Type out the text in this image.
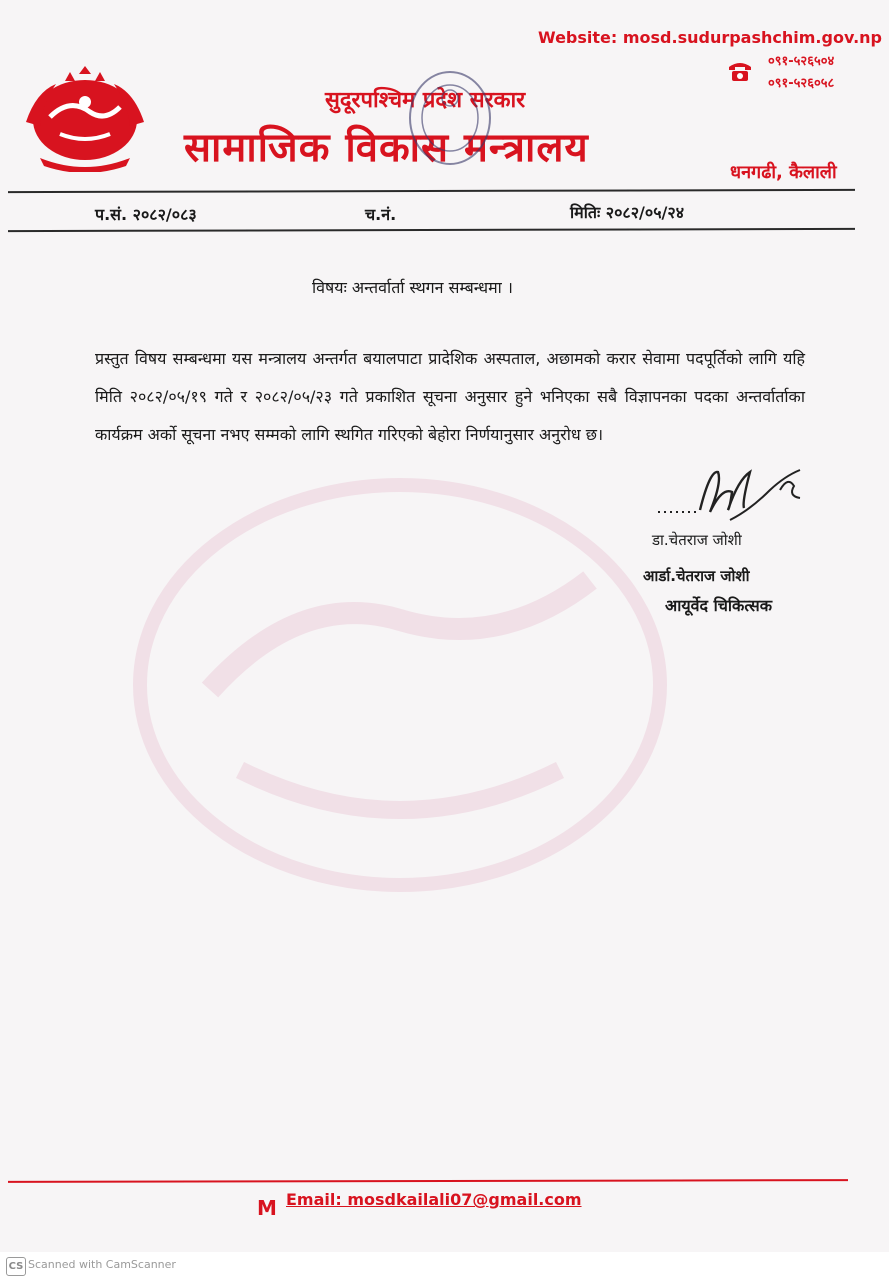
Website: mosd.sudurpashchim.gov.np
०९१-५२६५०४
०९१-५२६०५८
सुदूरपश्चिम प्रदेश सरकार
सामाजिक विकास मन्त्रालय
धनगढी, कैलाली
प.सं. २०८२/०८३	च.नं.	मितिः २०८२/०५/२४
विषयः अन्तर्वार्ता स्थगन सम्बन्धमा ।
प्रस्तुत विषय सम्बन्धमा यस मन्त्रालय अन्तर्गत बयालपाटा प्रादेशिक अस्पताल, अछामको करार सेवामा पदपूर्तिको लागि यहि मिति २०८२/०५/१९ गते र २०८२/०५/२३ गते प्रकाशित सूचना अनुसार हुने भनिएका सबै विज्ञापनका पदका अन्तर्वार्ताका कार्यक्रम अर्को सूचना नभए सम्मको लागि स्थगित गरिएको बेहोरा निर्णयानुसार अनुरोध छ।
डा.चेतराज जोशी
आर्डा.चेतराज जोशी
आयूर्वेद चिकित्सक
M Email: mosdkailali07@gmail.com
CS Scanned with CamScanner
